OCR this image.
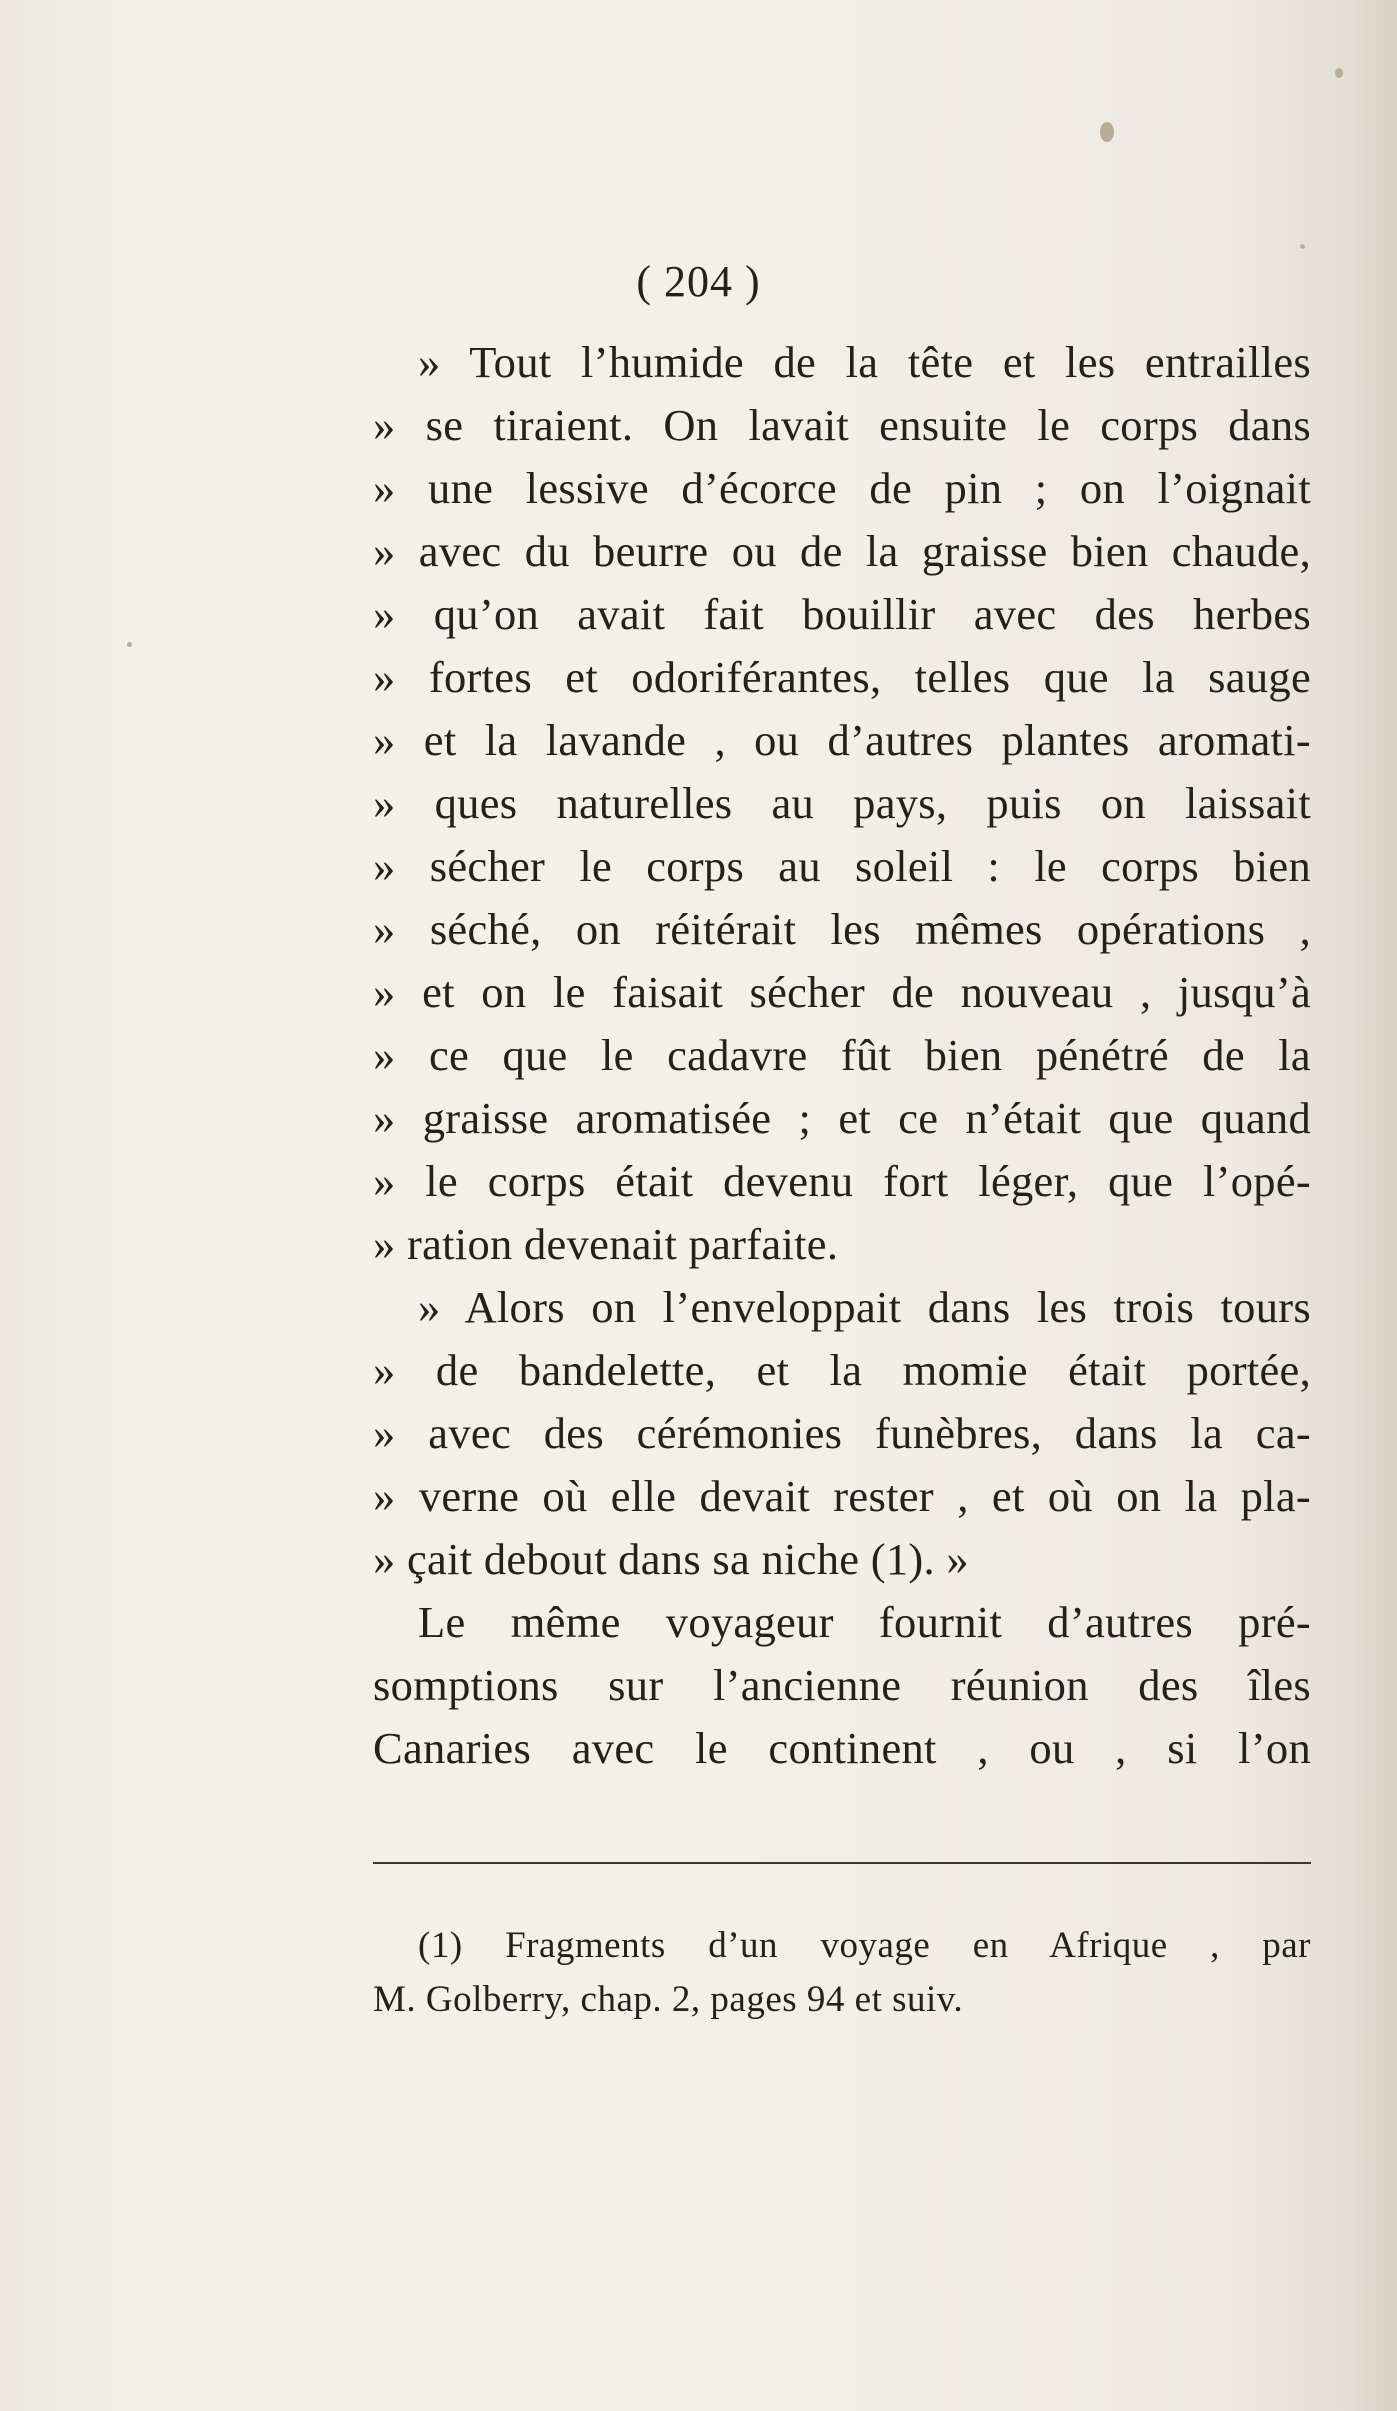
( 204 )
» Tout l’humide de la tête et les entrailles
» se tiraient. On lavait ensuite le corps dans
» une lessive d’écorce de pin ; on l’oignait
» avec du beurre ou de la graisse bien chaude,
» qu’on avait fait bouillir avec des herbes
» fortes et odoriférantes, telles que la sauge
» et la lavande , ou d’autres plantes aromati-
» ques naturelles au pays, puis on laissait
» sécher le corps au soleil : le corps bien
» séché, on réitérait les mêmes opérations ,
» et on le faisait sécher de nouveau , jusqu’à
» ce que le cadavre fût bien pénétré de la
» graisse aromatisée ; et ce n’était que quand
» le corps était devenu fort léger, que l’opé-
» ration devenait parfaite.
» Alors on l’enveloppait dans les trois tours
» de bandelette, et la momie était portée,
» avec des cérémonies funèbres, dans la ca-
» verne où elle devait rester , et où on la pla-
» çait debout dans sa niche (1). »
Le même voyageur fournit d’autres pré-
somptions sur l’ancienne réunion des îles
Canaries avec le continent , ou , si l’on
(1) Fragments d’un voyage en Afrique , par
M. Golberry, chap. 2, pages 94 et suiv.
